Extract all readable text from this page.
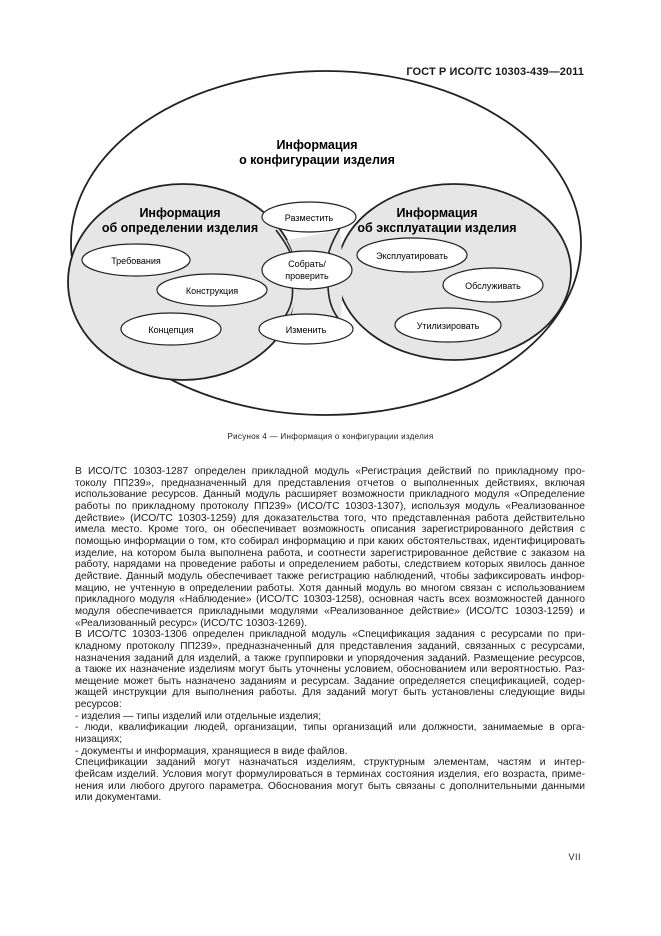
ГОСТ Р ИСО/ТС 10303-439—2011
Информация
о конфигурации изделия
Информация
об определении изделия
Информация
об эксплуатации изделия
Разместить
Собрать/
проверить
Изменить
Требования
Конструкция
Концепция
Эксплуатировать
Обслуживать
Утилизировать
Рисунок 4 — Информация о конфигурации изделия
В ИСО/ТС 10303-1287 определен прикладной модуль «Регистрация действий по прикладному про-
токолу ПП239», предназначенный для представления отчетов о выполненных действиях, включая
использование ресурсов. Данный модуль расширяет возможности прикладного модуля «Определение
работы по прикладному протоколу ПП239» (ИСО/ТС 10303-1307), используя модуль «Реализованное
действие» (ИСО/ТС 10303-1259) для доказательства того, что представленная работа действительно
имела место. Кроме того, он обеспечивает возможность описания зарегистрированного действия с
помощью информации о том, кто собирал информацию и при каких обстоятельствах, идентифицировать
изделие, на котором была выполнена работа, и соотнести зарегистрированное действие с заказом на
работу, нарядами на проведение работы и определением работы, следствием которых явилось данное
действие. Данный модуль обеспечивает также регистрацию наблюдений, чтобы зафиксировать инфор-
мацию, не учтенную в определении работы. Хотя данный модуль во многом связан с использованием
прикладного модуля «Наблюдение» (ИСО/ТС 10303-1258), основная часть всех возможностей данного
модуля обеспечивается прикладными модулями «Реализованное действие» (ИСО/ТС 10303-1259) и
«Реализованный ресурс» (ИСО/ТС 10303-1269).
В ИСО/ТС 10303-1306 определен прикладной модуль «Спецификация задания с ресурсами по при-
кладному протоколу ПП239», предназначенный для представления заданий, связанных с ресурсами,
назначения заданий для изделий, а также группировки и упорядочения заданий. Размещение ресурсов,
а также их назначение изделиям могут быть уточнены условием, обоснованием или вероятностью. Раз-
мещение может быть назначено заданиям и ресурсам. Задание определяется спецификацией, содер-
жащей инструкции для выполнения работы. Для заданий могут быть установлены следующие виды
ресурсов:
- изделия — типы изделий или отдельные изделия;
- люди, квалификации людей, организации, типы организаций или должности, занимаемые в орга-
низациях;
- документы и информация, хранящиеся в виде файлов.
Спецификации заданий могут назначаться изделиям, структурным элементам, частям и интер-
фейсам изделий. Условия могут формулироваться в терминах состояния изделия, его возраста, приме-
нения или любого другого параметра. Обоснования могут быть связаны с дополнительными данными
или документами.
VII
